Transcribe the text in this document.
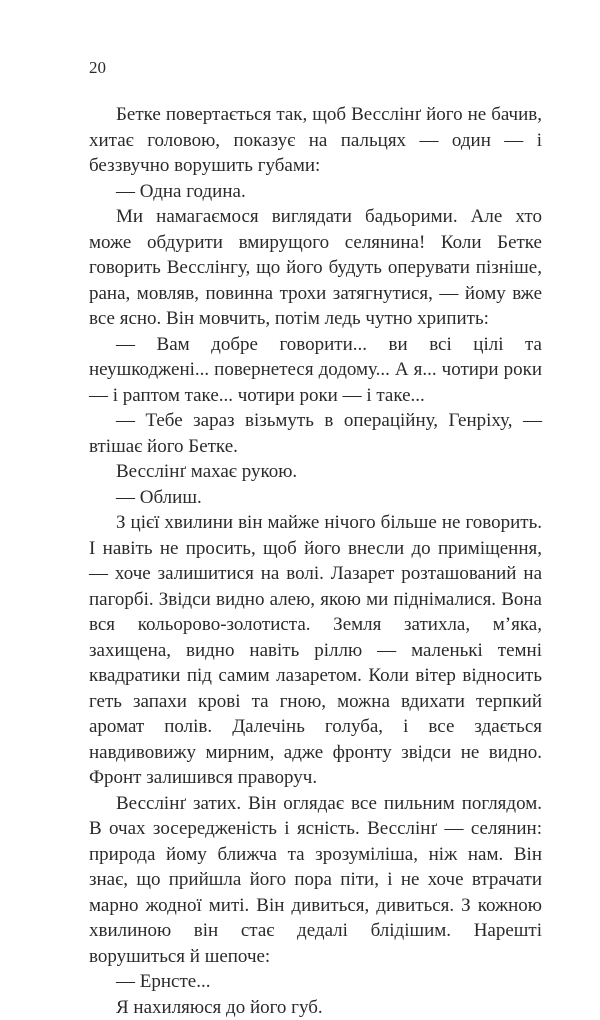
20

Бетке повертається так, щоб Весслінґ його не бачив, хитає головою, показує на пальцях — один — і беззвучно ворушить губами:

— Одна година.

Ми намагаємося виглядати бадьорими. Але хто може обдурити вмирущого селянина! Коли Бетке говорить Весслінгу, що його будуть оперувати пізніше, рана, мовляв, повинна трохи затягнутися, — йому вже все ясно. Він мовчить, потім ледь чутно хрипить:

— Вам добре говорити... ви всі цілі та неушкоджені... повернетеся додому... А я... чотири роки — і раптом таке... чотири роки — і таке...

— Тебе зараз візьмуть в операційну, Генріху, — втішає його Бетке.

Весслінґ махає рукою.

— Облиш.

З цієї хвилини він майже нічого більше не говорить. І навіть не просить, щоб його внесли до приміщення, — хоче залишитися на волі. Лазарет розташований на пагорбі. Звідси видно алею, якою ми піднімалися. Вона вся кольорово-золотиста. Земля затихла, м’яка, захищена, видно навіть ріллю — маленькі темні квадратики під самим лазаретом. Коли вітер відносить геть запахи крові та гною, можна вдихати терпкий аромат полів. Далечінь голуба, і все здається навдивовижу мирним, адже фронту звідси не видно. Фронт залишився праворуч.

Весслінґ затих. Він оглядає все пильним поглядом. В очах зосередженість і ясність. Весслінґ — селянин: природа йому ближча та зрозуміліша, ніж нам. Він знає, що прийшла його пора піти, і не хоче втрачати марно жодної миті. Він дивиться, дивиться. З кожною хвилиною він стає дедалі блідішим. Нарешті ворушиться й шепоче:

— Ернсте...

Я нахиляюся до його губ.
